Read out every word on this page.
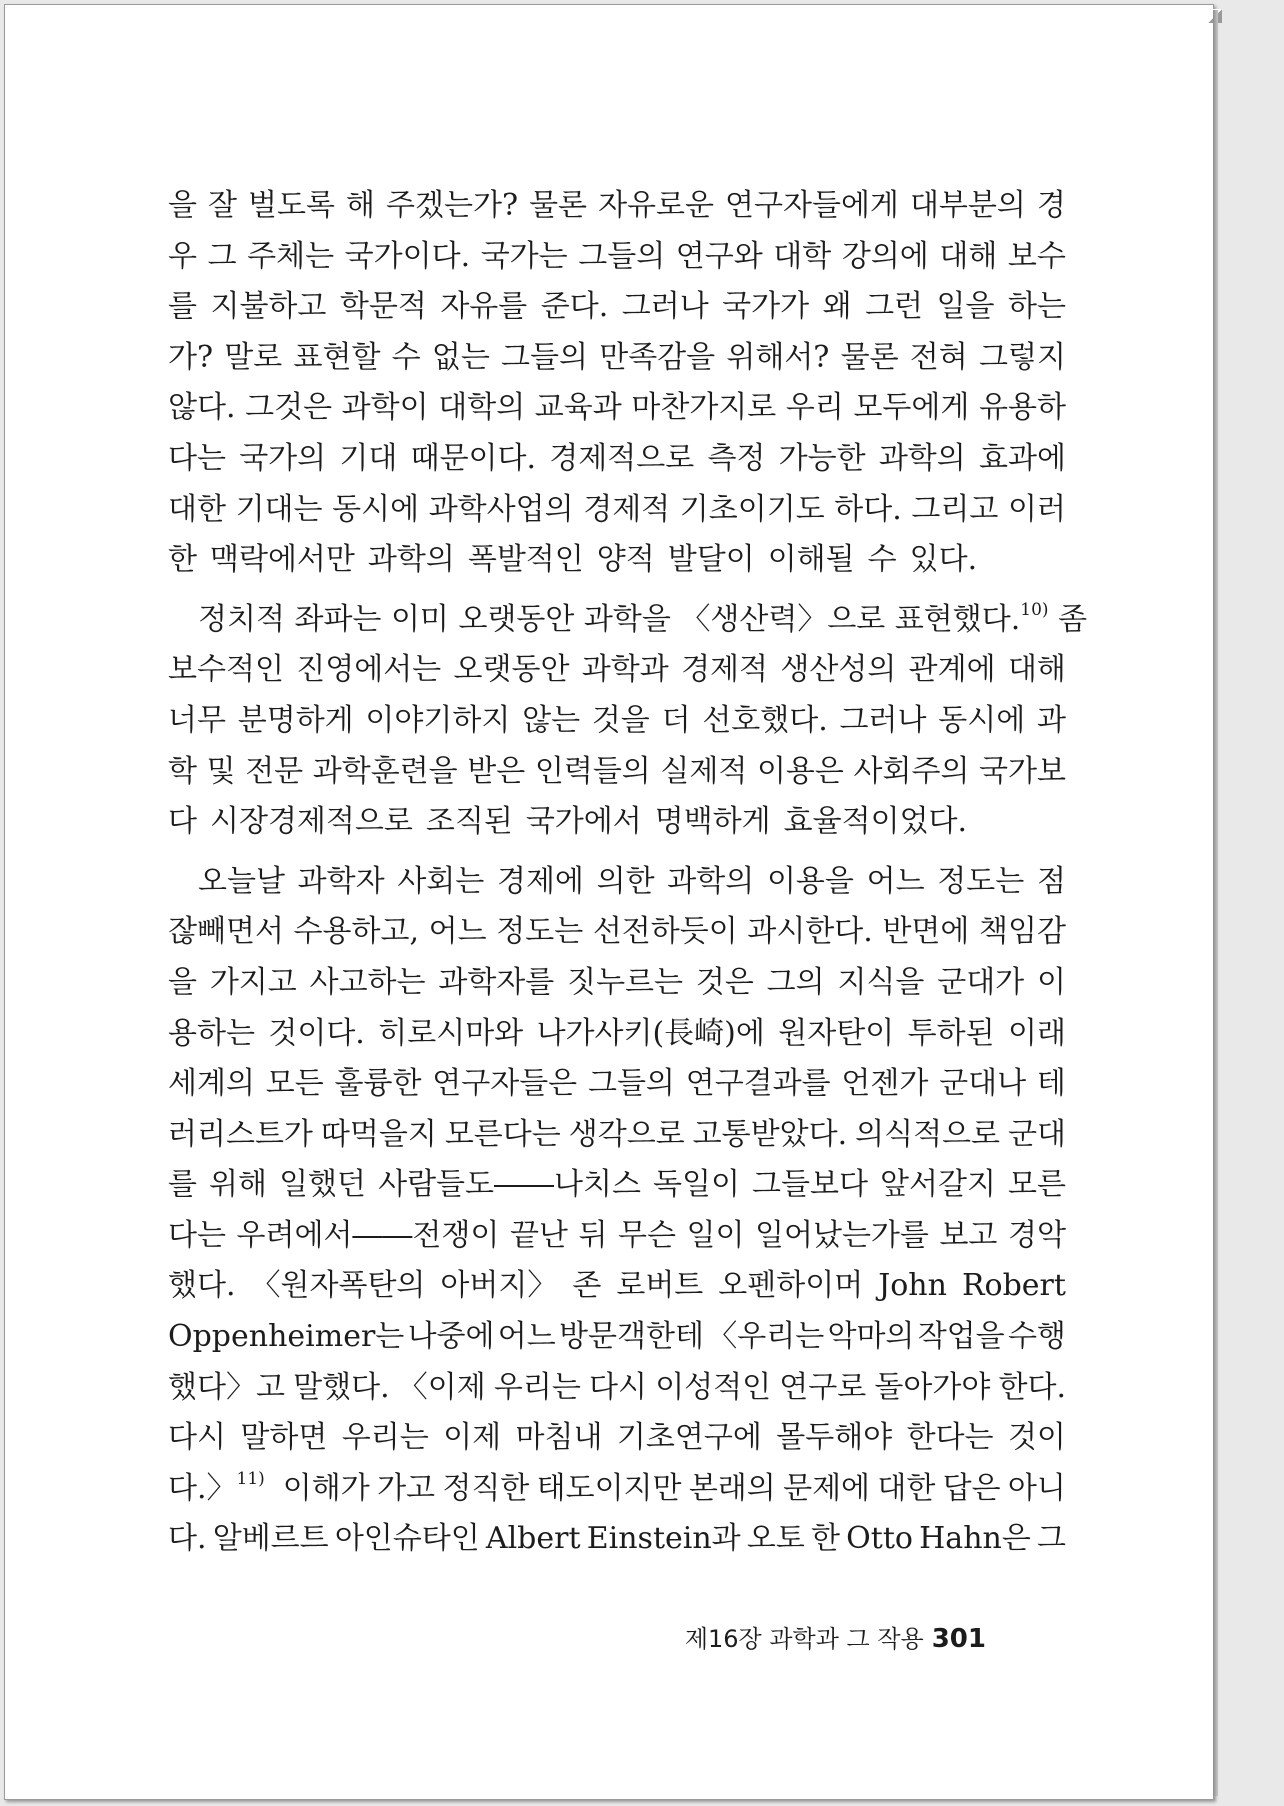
을 잘 벌도록 해 주겠는가? 물론 자유로운 연구자들에게 대부분의 경
우 그 주체는 국가이다. 국가는 그들의 연구와 대학 강의에 대해 보수
를 지불하고 학문적 자유를 준다. 그러나 국가가 왜 그런 일을 하는
가? 말로 표현할 수 없는 그들의 만족감을 위해서? 물론 전혀 그렇지
않다. 그것은 과학이 대학의 교육과 마찬가지로 우리 모두에게 유용하
다는 국가의 기대 때문이다. 경제적으로 측정 가능한 과학의 효과에
대한 기대는 동시에 과학사업의 경제적 기초이기도 하다. 그리고 이러
한 맥락에서만 과학의 폭발적인 양적 발달이 이해될 수 있다.
정치적 좌파는 이미 오랫동안 과학을 〈생산력〉으로 표현했다. $^{10)}$ 좀
보수적인 진영에서는 오랫동안 과학과 경제적 생산성의 관계에 대해
너무 분명하게 이야기하지 않는 것을 더 선호했다. 그러나 동시에 과
학 및 전문 과학훈련을 받은 인력들의 실제적 이용은 사회주의 국가보
다 시장경제적으로 조직된 국가에서 명백하게 효율적이었다.
오늘날 과학자 사회는 경제에 의한 과학의 이용을 어느 정도는 점
잖빼면서 수용하고, 어느 정도는 선전하듯이 과시한다. 반면에 책임감
을 가지고 사고하는 과학자를 짓누르는 것은 그의 지식을 군대가 이
용하는 것이다. 히로시마와 나가사키(長崎)에 원자탄이 투하된 이래
세계의 모든 훌륭한 연구자들은 그들의 연구결과를 언젠가 군대나 테
러리스트가 따먹을지 모른다는 생각으로 고통받았다. 의식적으로 군대
를 위해 일했던 사람들도――나치스 독일이 그들보다 앞서갈지 모른
다는 우려에서――전쟁이 끝난 뒤 무슨 일이 일어났는가를 보고 경악
했다. 〈원자폭탄의 아버지〉 존 로버트 오펜하이머 John Robert
Oppenheimer는 나중에 어느 방문객한테 〈우리는 악마의 작업을 수행
했다〉고 말했다. 〈이제 우리는 다시 이성적인 연구로 돌아가야 한다.
다시 말하면 우리는 이제 마침내 기초연구에 몰두해야 한다는 것이
다.〉$^{11)}$ 이해가 가고 정직한 태도이지만 본래의 문제에 대한 답은 아니
다. 알베르트 아인슈타인 Albert Einstein과 오토 한 Otto Hahn은 그
제16장 과학과 그 작용 301
